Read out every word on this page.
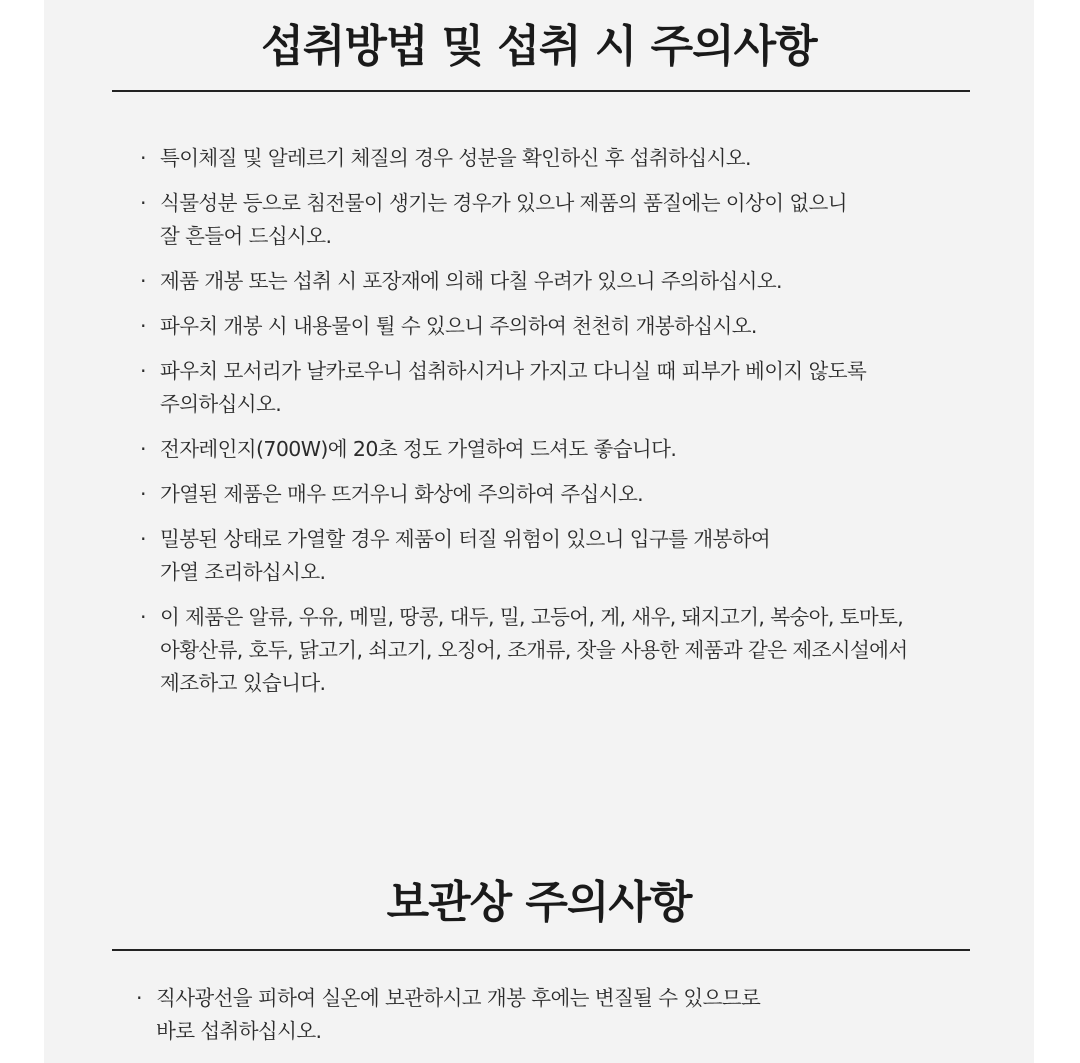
섭취방법 및 섭취 시 주의사항
· 특이체질 및 알레르기 체질의 경우 성분을 확인하신 후 섭취하십시오.
· 식물성분 등으로 침전물이 생기는 경우가 있으나 제품의 품질에는 이상이 없으니
잘 흔들어 드십시오.
· 제품 개봉 또는 섭취 시 포장재에 의해 다칠 우려가 있으니 주의하십시오.
· 파우치 개봉 시 내용물이 튈 수 있으니 주의하여 천천히 개봉하십시오.
· 파우치 모서리가 날카로우니 섭취하시거나 가지고 다니실 때 피부가 베이지 않도록
주의하십시오.
· 전자레인지(700W)에 20초 정도 가열하여 드셔도 좋습니다.
· 가열된 제품은 매우 뜨거우니 화상에 주의하여 주십시오.
· 밀봉된 상태로 가열할 경우 제품이 터질 위험이 있으니 입구를 개봉하여
가열 조리하십시오.
· 이 제품은 알류, 우유, 메밀, 땅콩, 대두, 밀, 고등어, 게, 새우, 돼지고기, 복숭아, 토마토,
아황산류, 호두, 닭고기, 쇠고기, 오징어, 조개류, 잣을 사용한 제품과 같은 제조시설에서
제조하고 있습니다.
보관상 주의사항
· 직사광선을 피하여 실온에 보관하시고 개봉 후에는 변질될 수 있으므로
바로 섭취하십시오.
